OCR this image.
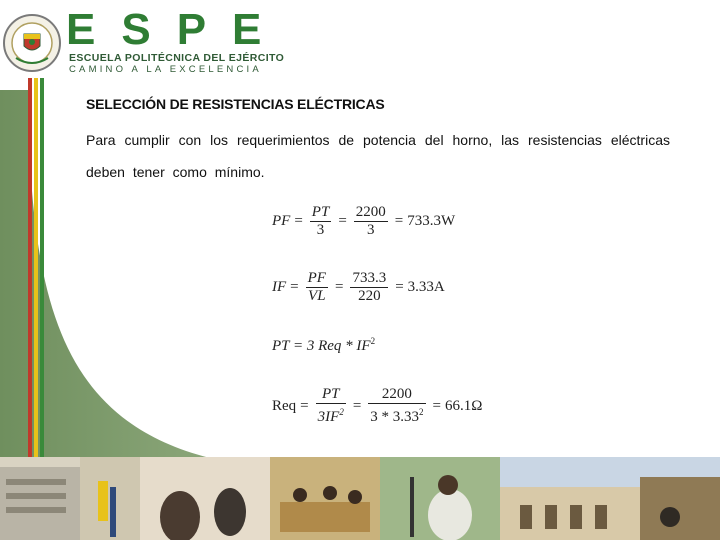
ESPE
ESCUELA POLITÉCNICA DEL EJÉRCITO
CAMINO A LA EXCELENCIA
SELECCIÓN DE RESISTENCIAS ELÉCTRICAS
Para cumplir con los requerimientos de potencia del horno, las resistencias eléctricas deben tener como mínimo.
PF = $\frac{PT}{3} = \frac{2200}{3} = 733.3W$
IF = $\frac{PF}{VL} = \frac{733.3}{220} = 3.33A$
PT = 3 Req * $IF^2$
Req = $\frac{PT}{3IF^2} = \frac{2200}{3 * 3.33^2} = 66.1\Omega$
